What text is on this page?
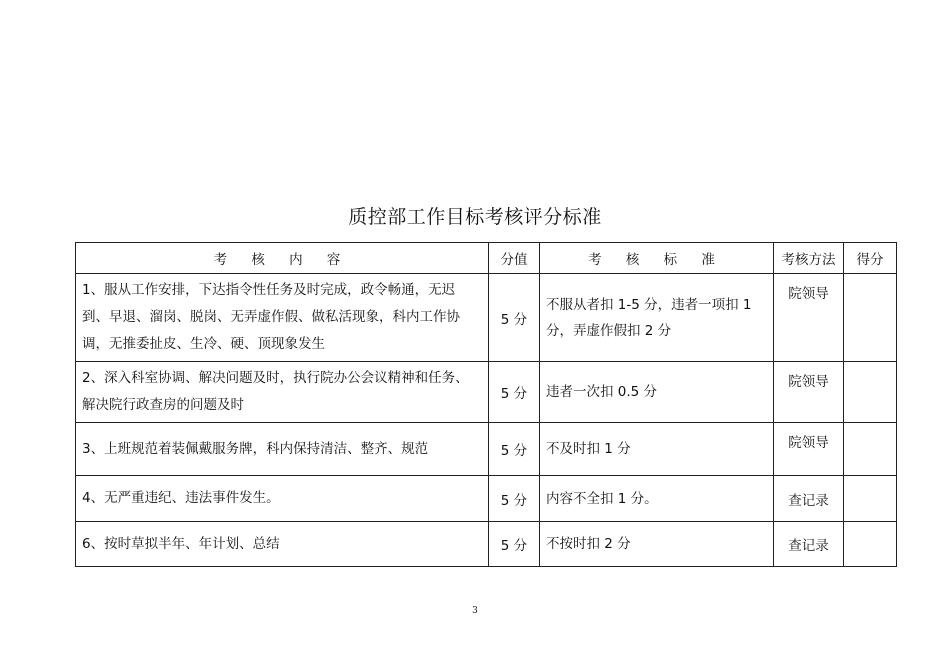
质控部工作目标考核评分标准
考 核 内 容	分值	考 核 标 准	考核方法	得分
1、服从工作安排，下达指令性任务及时完成，政令畅通，无迟到、早退、溜岗、脱岗、无弄虚作假、做私活现象，科内工作协调，无推委扯皮、生冷、硬、顶现象发生	5 分	不服从者扣 1-5 分，违者一项扣 1 分，弄虚作假扣 2 分	院领导	
2、深入科室协调、解决问题及时，执行院办公会议精神和任务、解决院行政查房的问题及时	5 分	违者一次扣 0.5 分	院领导	
3、上班规范着装佩戴服务牌，科内保持清洁、整齐、规范	5 分	不及时扣 1 分	院领导	
4、无严重违纪、违法事件发生。	5 分	内容不全扣 1 分。	查记录	
6、按时草拟半年、年计划、总结	5 分	不按时扣 2 分	查记录	
3
